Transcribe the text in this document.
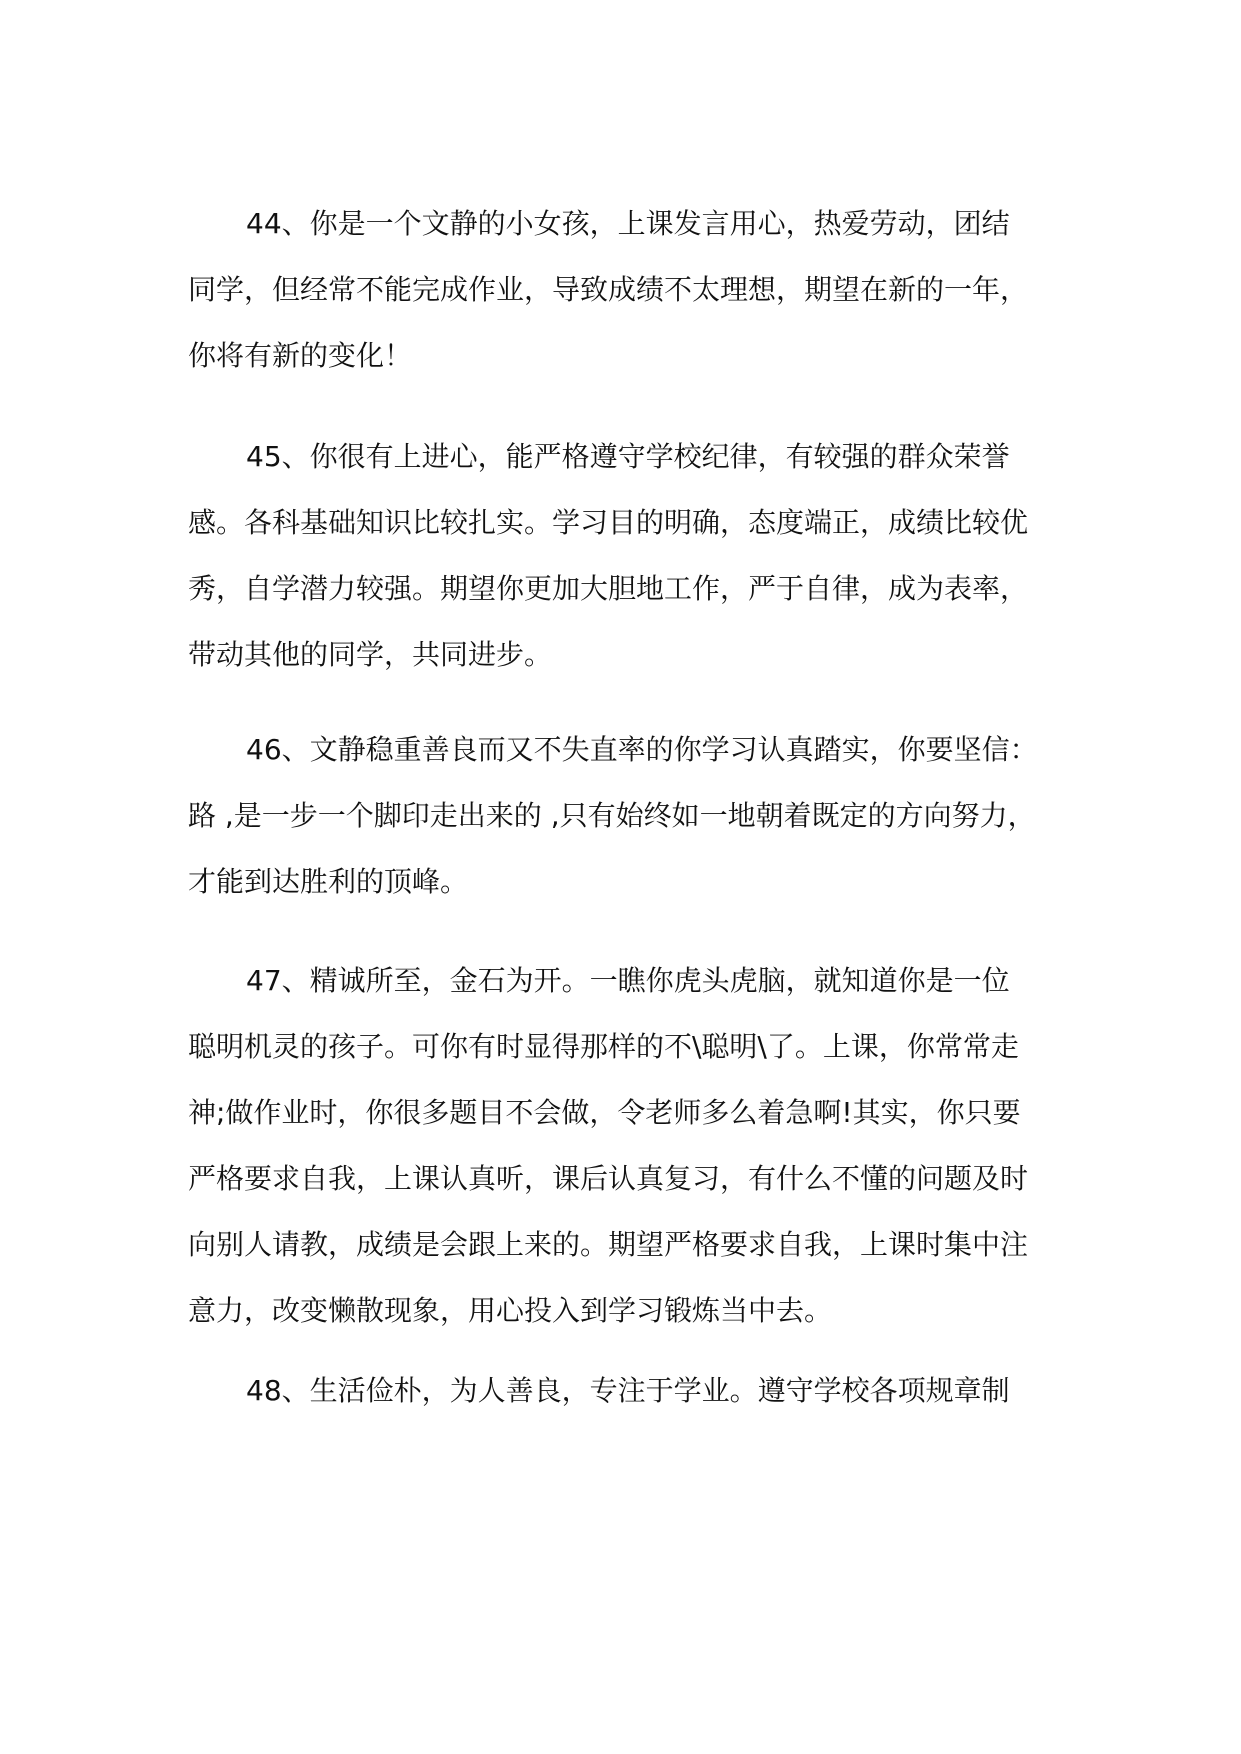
44、你是一个文静的小女孩，上课发言用心，热爱劳动，团结
同学，但经常不能完成作业，导致成绩不太理想，期望在新的一年，
你将有新的变化！
45、你很有上进心，能严格遵守学校纪律，有较强的群众荣誉
感。各科基础知识比较扎实。学习目的明确，态度端正，成绩比较优
秀，自学潜力较强。期望你更加大胆地工作，严于自律，成为表率，
带动其他的同学，共同进步。
46、文静稳重善良而又不失直率的你学习认真踏实，你要坚信：
路 ,是一步一个脚印走出来的 ,只有始终如一地朝着既定的方向努力，
才能到达胜利的顶峰。
47、精诚所至，金石为开。一瞧你虎头虎脑，就知道你是一位
聪明机灵的孩子。可你有时显得那样的不\聪明\了。上课，你常常走
神;做作业时，你很多题目不会做，令老师多么着急啊!其实，你只要
严格要求自我，上课认真听，课后认真复习，有什么不懂的问题及时
向别人请教，成绩是会跟上来的。期望严格要求自我，上课时集中注
意力，改变懒散现象，用心投入到学习锻炼当中去。
48、生活俭朴，为人善良，专注于学业。遵守学校各项规章制
